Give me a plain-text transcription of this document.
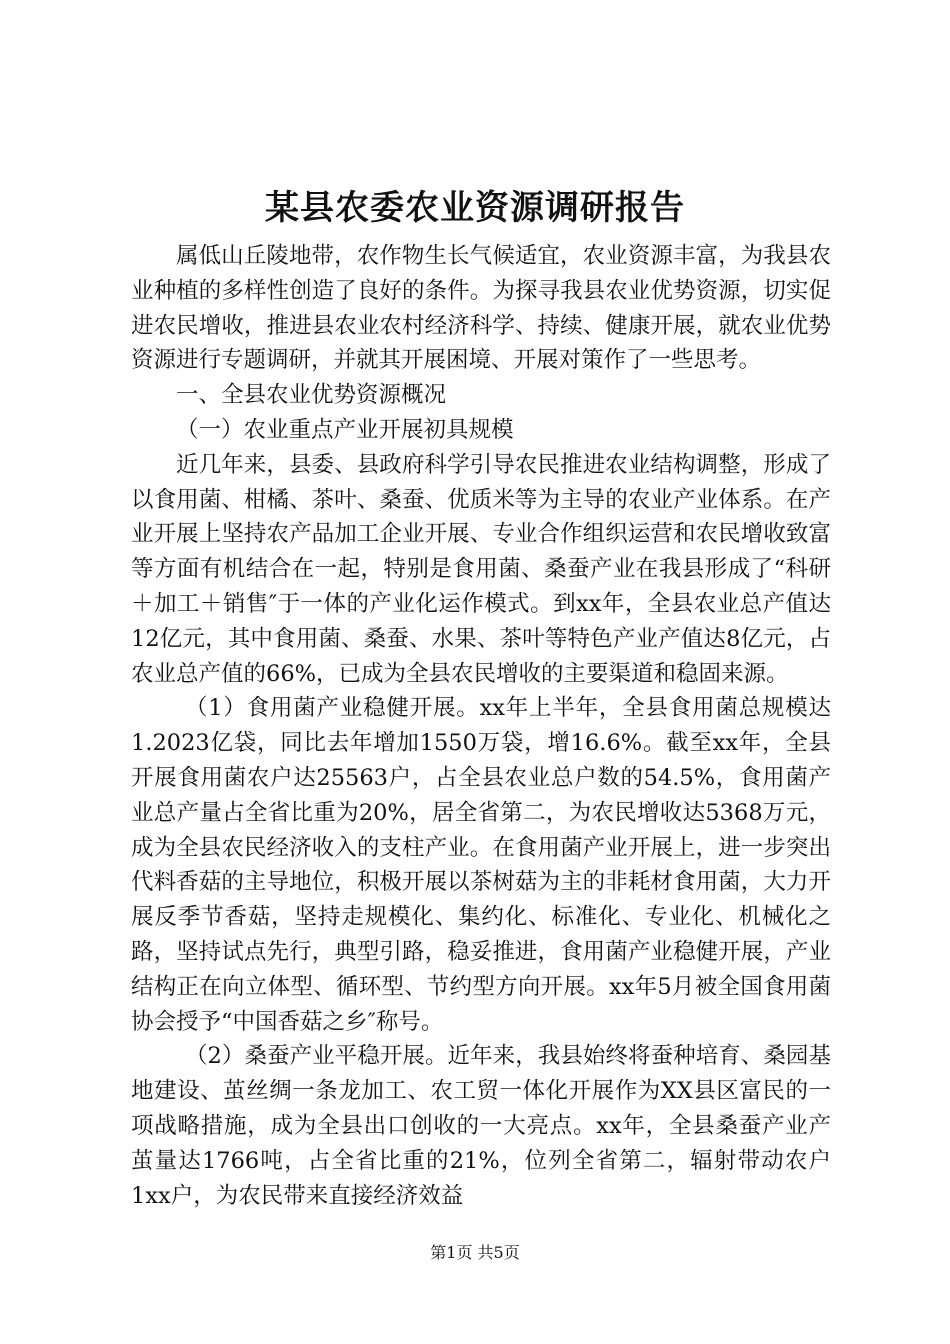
某县农委农业资源调研报告

属低山丘陵地带，农作物生长气候适宜，农业资源丰富，为我县农业种植的多样性创造了良好的条件。为探寻我县农业优势资源，切实促进农民增收，推进县农业农村经济科学、持续、健康开展，就农业优势资源进行专题调研，并就其开展困境、开展对策作了一些思考。

一、全县农业优势资源概况

（一）农业重点产业开展初具规模

近几年来，县委、县政府科学引导农民推进农业结构调整，形成了以食用菌、柑橘、茶叶、桑蚕、优质米等为主导的农业产业体系。在产业开展上坚持农产品加工企业开展、专业合作组织运营和农民增收致富等方面有机结合在一起，特别是食用菌、桑蚕产业在我县形成了“科研＋加工＋销售″于一体的产业化运作模式。到xx年，全县农业总产值达12亿元，其中食用菌、桑蚕、水果、茶叶等特色产业产值达8亿元，占农业总产值的66%，已成为全县农民增收的主要渠道和稳固来源。

（1）食用菌产业稳健开展。xx年上半年，全县食用菌总规模达1.2023亿袋，同比去年增加1550万袋，增16.6%。截至xx年，全县开展食用菌农户达25563户，占全县农业总户数的54.5%，食用菌产业总产量占全省比重为20%，居全省第二，为农民增收达5368万元，成为全县农民经济收入的支柱产业。在食用菌产业开展上，进一步突出代料香菇的主导地位，积极开展以茶树菇为主的非耗材食用菌，大力开展反季节香菇，坚持走规模化、集约化、标准化、专业化、机械化之路，坚持试点先行，典型引路，稳妥推进，食用菌产业稳健开展，产业结构正在向立体型、循环型、节约型方向开展。xx年5月被全国食用菌协会授予“中国香菇之乡″称号。

（2）桑蚕产业平稳开展。近年来，我县始终将蚕种培育、桑园基地建设、茧丝绸一条龙加工、农工贸一体化开展作为XX县区富民的一项战略措施，成为全县出口创收的一大亮点。xx年，全县桑蚕产业产茧量达1766吨，占全省比重的21%，位列全省第二，辐射带动农户1xx户，为农民带来直接经济效益

第1页 共5页
